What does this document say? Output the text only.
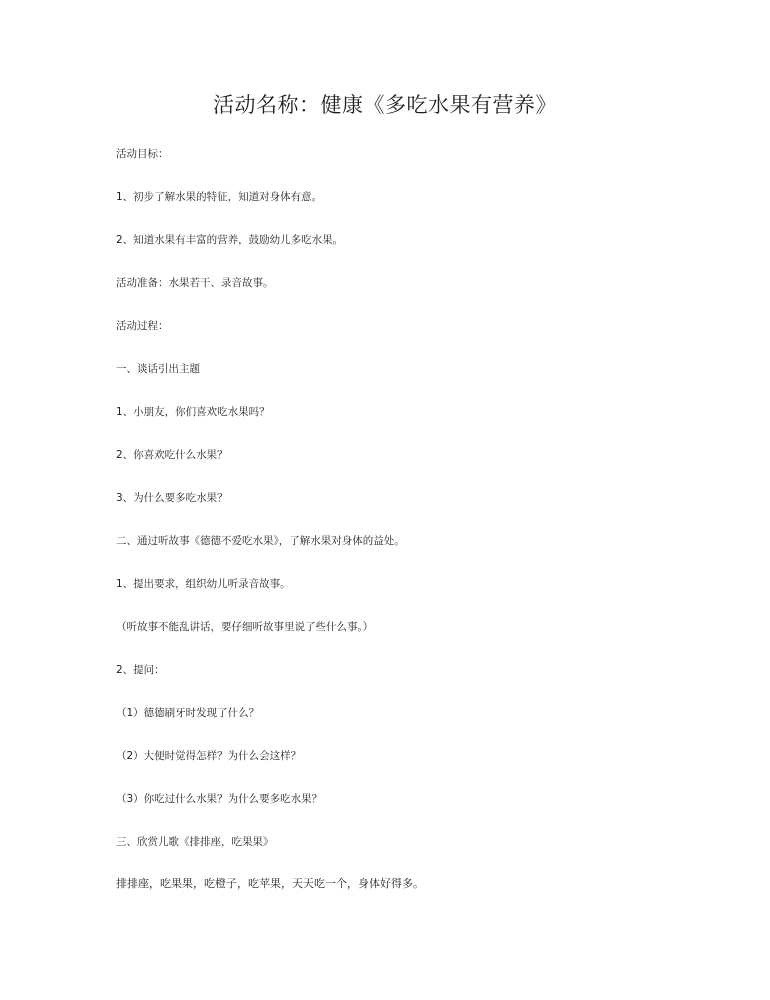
活动名称：健康《多吃水果有营养》

活动目标：

1、初步了解水果的特征，知道对身体有意。

2、知道水果有丰富的营养，鼓励幼儿多吃水果。

活动准备：水果若干、录音故事。

活动过程：

一、谈话引出主题

1、小朋友，你们喜欢吃水果吗？

2、你喜欢吃什么水果？

3、为什么要多吃水果？

二、通过听故事《德德不爱吃水果》，了解水果对身体的益处。

1、提出要求，组织幼儿听录音故事。

（听故事不能乱讲话，要仔细听故事里说了些什么事。）

2、提问：

（1）德德刷牙时发现了什么？

（2）大便时觉得怎样？为什么会这样？

（3）你吃过什么水果？为什么要多吃水果？

三、欣赏儿歌《排排座，吃果果》

排排座，吃果果，吃橙子，吃苹果，天天吃一个，身体好得多。
